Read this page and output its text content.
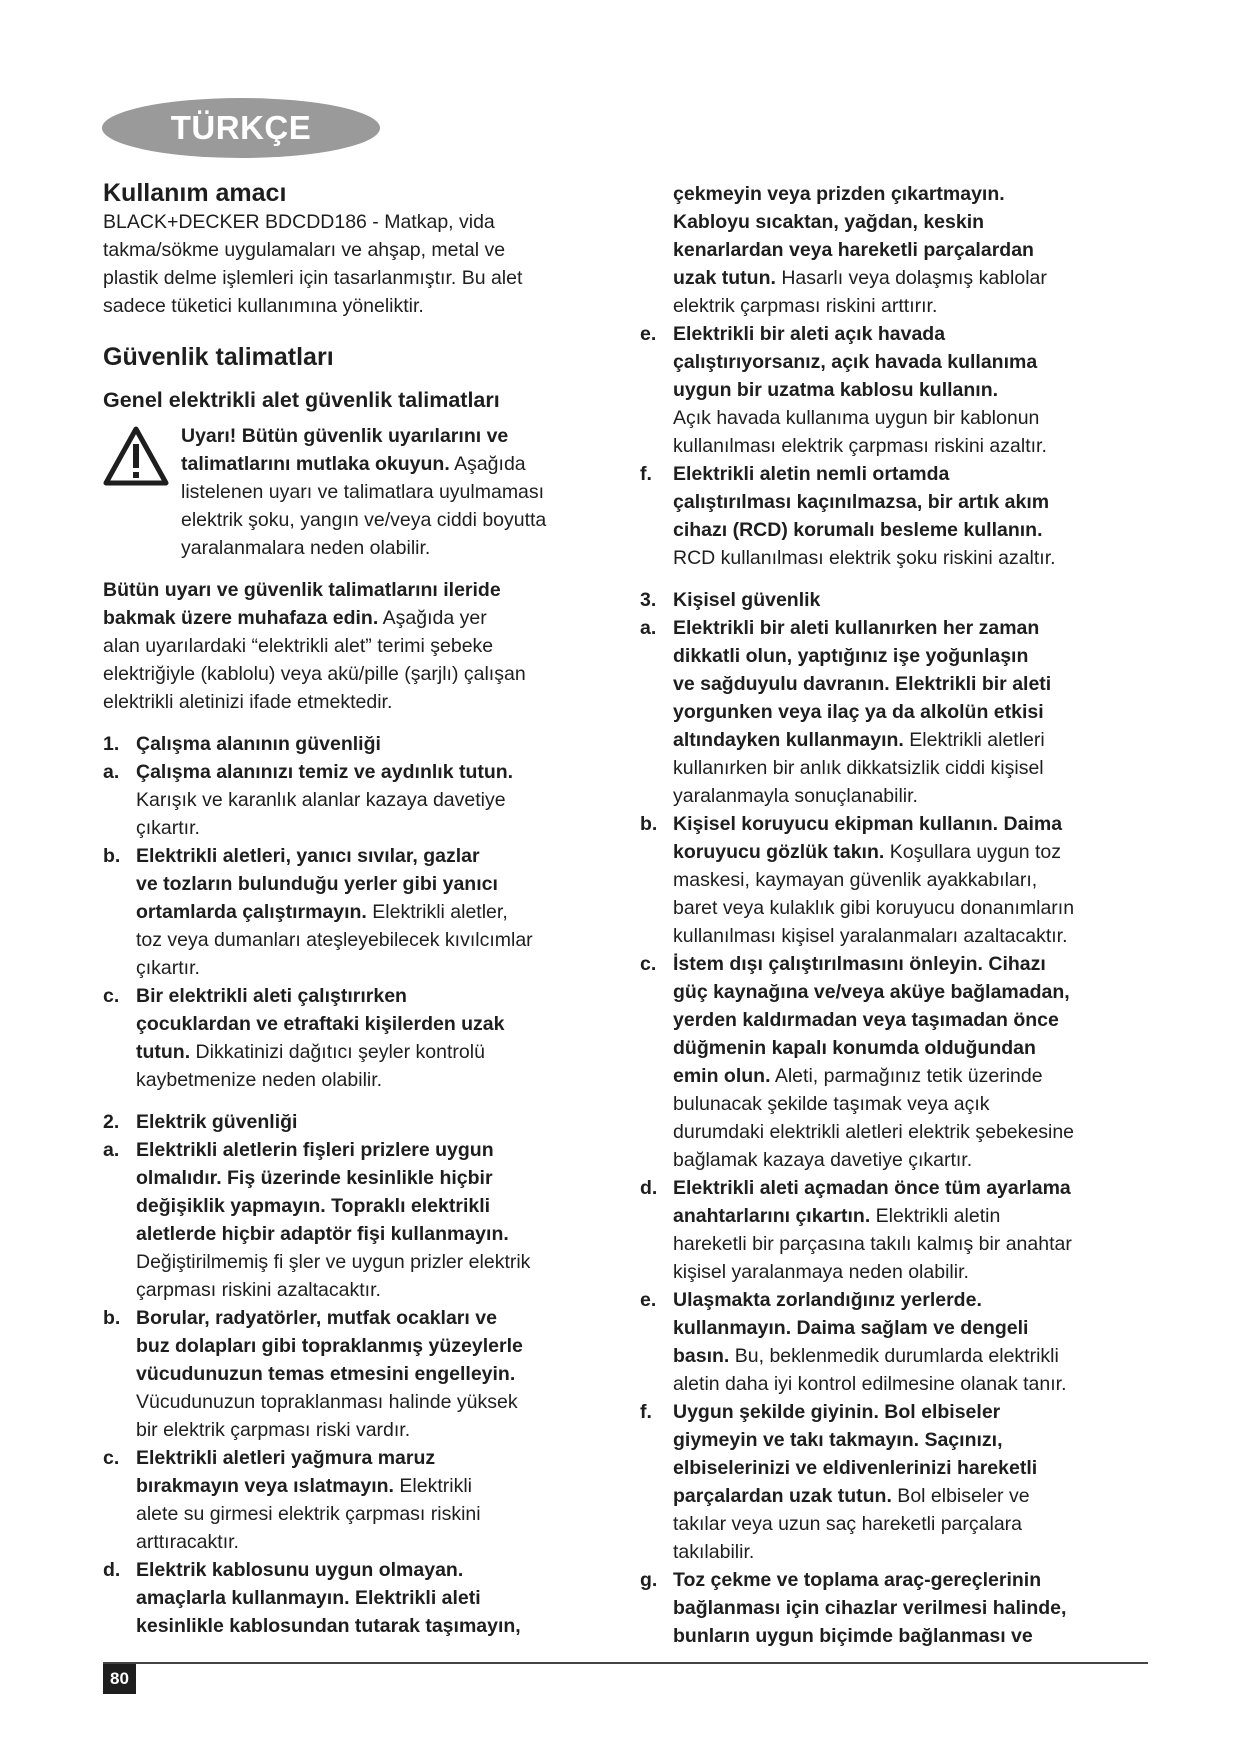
TÜRKÇE
Kullanım amacı

BLACK+DECKER BDCDD186 - Matkap, vida

takma/sökme uygulamaları ve ahşap, metal ve

plastik delme işlemleri için tasarlanmıştır. Bu alet

sadece tüketici kullanımına yöneliktir.

Güvenlik talimatları
Genel elektrikli alet güvenlik talimatları

Uyarı! Bütün güvenlik uyarılarını ve

talimatlarını mutlaka okuyun. Aşağıda

listelenen uyarı ve talimatlara uyulmaması

elektrik şoku, yangın ve/veya ciddi boyutta

yaralanmalara neden olabilir.

Bütün uyarı ve güvenlik talimatlarını ileride

bakmak üzere muhafaza edin. Aşağıda yer

alan uyarılardaki “elektrikli alet” terimi şebeke

elektriğiyle (kablolu) veya akü/pille (şarjlı) çalışan

elektrikli aletinizi ifade etmektedir.

1. Çalışma alanının güvenliği

a. Çalışma alanınızı temiz ve aydınlık tutun.

Karışık ve karanlık alanlar kazaya davetiye

çıkartır.

b. Elektrikli aletleri, yanıcı sıvılar, gazlar

ve tozların bulunduğu yerler gibi yanıcı

ortamlarda çalıştırmayın. Elektrikli aletler,

toz veya dumanları ateşleyebilecek kıvılcımlar

çıkartır.

c. Bir elektrikli aleti çalıştırırken

çocuklardan ve etraftaki kişilerden uzak

tutun. Dikkatinizi dağıtıcı şeyler kontrolü

kaybetmenize neden olabilir.

2. Elektrik güvenliği

a. Elektrikli aletlerin fişleri prizlere uygun

olmalıdır. Fiş üzerinde kesinlikle hiçbir

değişiklik yapmayın. Topraklı elektrikli

aletlerde hiçbir adaptör fişi kullanmayın.

Değiştirilmemiş fi şler ve uygun prizler elektrik

çarpması riskini azaltacaktır.

b. Borular, radyatörler, mutfak ocakları ve

buz dolapları gibi topraklanmış yüzeylerle

vücudunuzun temas etmesini engelleyin.

Vücudunuzun topraklanması halinde yüksek

bir elektrik çarpması riski vardır.

c. Elektrikli aletleri yağmura maruz

bırakmayın veya ıslatmayın. Elektrikli

alete su girmesi elektrik çarpması riskini

arttıracaktır.

d. Elektrik kablosunu uygun olmayan.

amaçlarla kullanmayın. Elektrikli aleti

kesinlikle kablosundan tutarak taşımayın,

çekmeyin veya prizden çıkartmayın.

Kabloyu sıcaktan, yağdan, keskin

kenarlardan veya hareketli parçalardan

uzak tutun. Hasarlı veya dolaşmış kablolar

elektrik çarpması riskini arttırır.

e. Elektrikli bir aleti açık havada

çalıştırıyorsanız, açık havada kullanıma

uygun bir uzatma kablosu kullanın.

Açık havada kullanıma uygun bir kablonun

kullanılması elektrik çarpması riskini azaltır.

f. Elektrikli aletin nemli ortamda

çalıştırılması kaçınılmazsa, bir artık akım

cihazı (RCD) korumalı besleme kullanın.

RCD kullanılması elektrik şoku riskini azaltır.

3. Kişisel güvenlik

a. Elektrikli bir aleti kullanırken her zaman

dikkatli olun, yaptığınız işe yoğunlaşın

ve sağduyulu davranın. Elektrikli bir aleti

yorgunken veya ilaç ya da alkolün etkisi

altındayken kullanmayın. Elektrikli aletleri

kullanırken bir anlık dikkatsizlik ciddi kişisel

yaralanmayla sonuçlanabilir.

b. Kişisel koruyucu ekipman kullanın. Daima

koruyucu gözlük takın. Koşullara uygun toz

maskesi, kaymayan güvenlik ayakkabıları,

baret veya kulaklık gibi koruyucu donanımların

kullanılması kişisel yaralanmaları azaltacaktır.

c. İstem dışı çalıştırılmasını önleyin. Cihazı

güç kaynağına ve/veya aküye bağlamadan,

yerden kaldırmadan veya taşımadan önce

düğmenin kapalı konumda olduğundan

emin olun. Aleti, parmağınız tetik üzerinde

bulunacak şekilde taşımak veya açık

durumdaki elektrikli aletleri elektrik şebekesine

bağlamak kazaya davetiye çıkartır.

d. Elektrikli aleti açmadan önce tüm ayarlama

anahtarlarını çıkartın. Elektrikli aletin

hareketli bir parçasına takılı kalmış bir anahtar

kişisel yaralanmaya neden olabilir.

e. Ulaşmakta zorlandığınız yerlerde.

kullanmayın. Daima sağlam ve dengeli

basın. Bu, beklenmedik durumlarda elektrikli

aletin daha iyi kontrol edilmesine olanak tanır.

f. Uygun şekilde giyinin. Bol elbiseler

giymeyin ve takı takmayın. Saçınızı,

elbiselerinizi ve eldivenlerinizi hareketli

parçalardan uzak tutun. Bol elbiseler ve

takılar veya uzun saç hareketli parçalara

takılabilir.

g. Toz çekme ve toplama araç-gereçlerinin

bağlanması için cihazlar verilmesi halinde,

bunların uygun biçimde bağlanması ve

80
